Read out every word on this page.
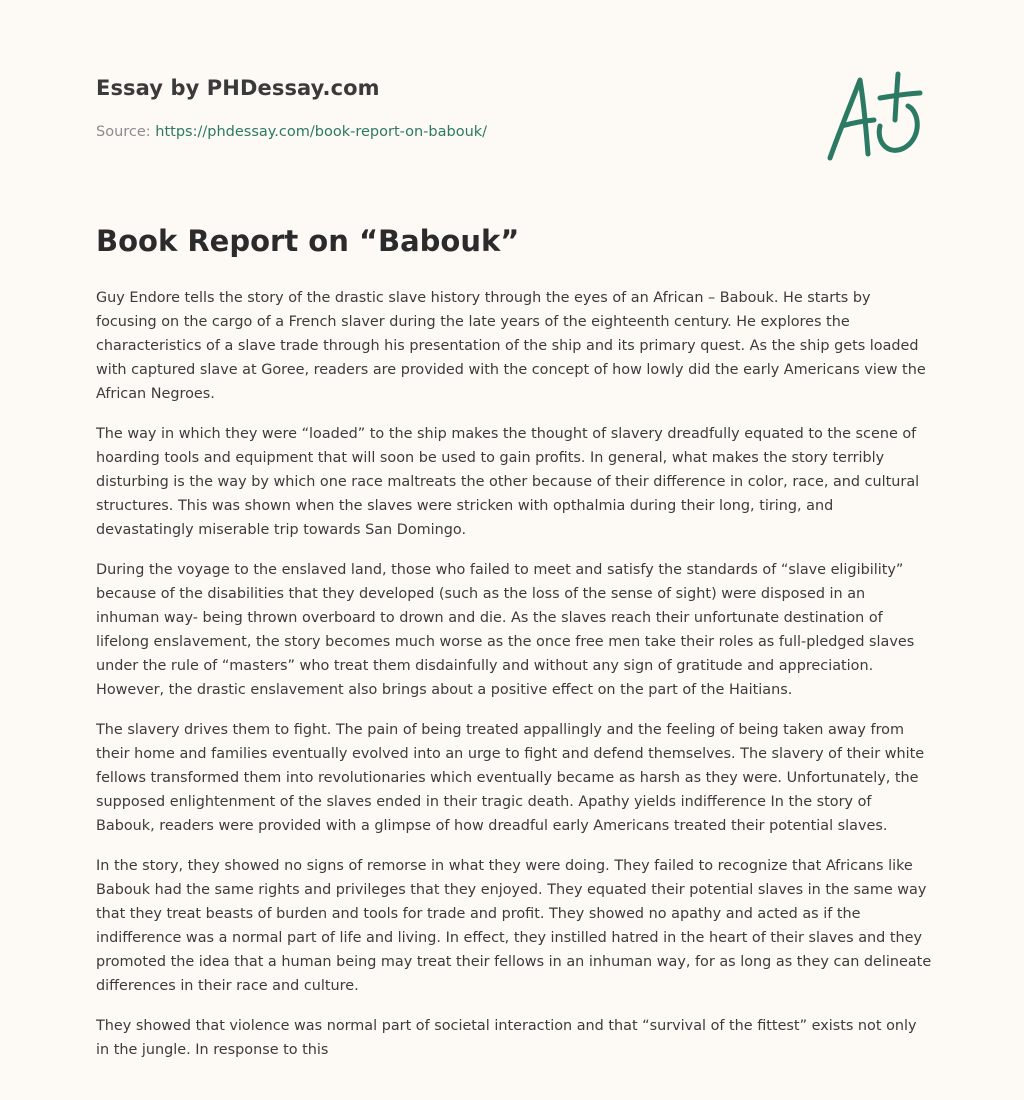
Essay by PHDessay.com
Source: https://phdessay.com/book-report-on-babouk/
Book Report on “Babouk”

Guy Endore tells the story of the drastic slave history through the eyes of an African – Babouk. He starts by focusing on the cargo of a French slaver during the late years of the eighteenth century. He explores the characteristics of a slave trade through his presentation of the ship and its primary quest. As the ship gets loaded with captured slave at Goree, readers are provided with the concept of how lowly did the early Americans view the African Negroes.

The way in which they were “loaded” to the ship makes the thought of slavery dreadfully equated to the scene of hoarding tools and equipment that will soon be used to gain profits. In general, what makes the story terribly disturbing is the way by which one race maltreats the other because of their difference in color, race, and cultural structures. This was shown when the slaves were stricken with opthalmia during their long, tiring, and devastatingly miserable trip towards San Domingo.

During the voyage to the enslaved land, those who failed to meet and satisfy the standards of “slave eligibility” because of the disabilities that they developed (such as the loss of the sense of sight) were disposed in an inhuman way- being thrown overboard to drown and die. As the slaves reach their unfortunate destination of lifelong enslavement, the story becomes much worse as the once free men take their roles as full-pledged slaves under the rule of “masters” who treat them disdainfully and without any sign of gratitude and appreciation. However, the drastic enslavement also brings about a positive effect on the part of the Haitians.

The slavery drives them to fight. The pain of being treated appallingly and the feeling of being taken away from their home and families eventually evolved into an urge to fight and defend themselves. The slavery of their white fellows transformed them into revolutionaries which eventually became as harsh as they were. Unfortunately, the supposed enlightenment of the slaves ended in their tragic death. Apathy yields indifference In the story of Babouk, readers were provided with a glimpse of how dreadful early Americans treated their potential slaves.

In the story, they showed no signs of remorse in what they were doing. They failed to recognize that Africans like Babouk had the same rights and privileges that they enjoyed. They equated their potential slaves in the same way that they treat beasts of burden and tools for trade and profit. They showed no apathy and acted as if the indifference was a normal part of life and living. In effect, they instilled hatred in the heart of their slaves and they promoted the idea that a human being may treat their fellows in an inhuman way, for as long as they can delineate differences in their race and culture.

They showed that violence was normal part of societal interaction and that “survival of the fittest” exists not only in the jungle. In response to this
